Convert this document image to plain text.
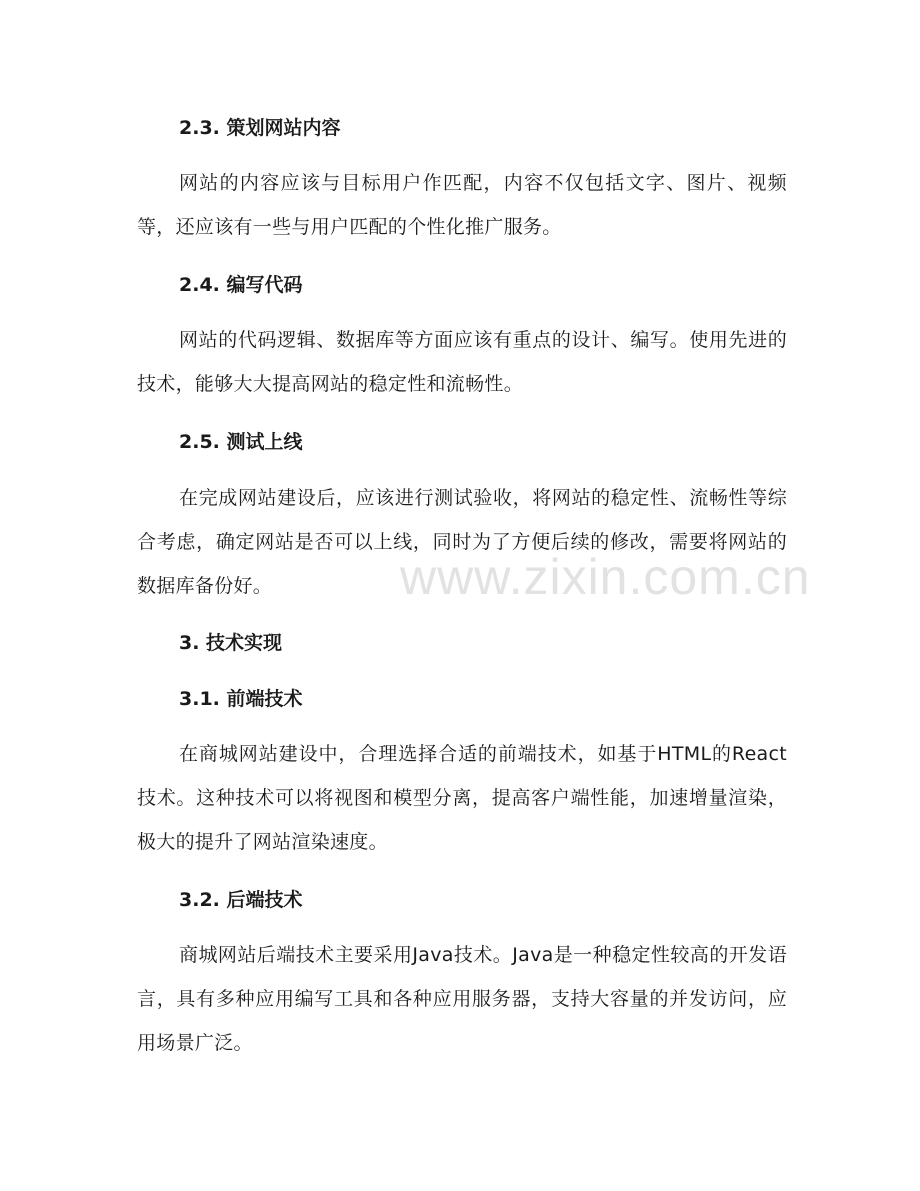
2.3. 策划网站内容

网站的内容应该与目标用户作匹配，内容不仅包括文字、图片、视频等，还应该有一些与用户匹配的个性化推广服务。

2.4. 编写代码

网站的代码逻辑、数据库等方面应该有重点的设计、编写。使用先进的技术，能够大大提高网站的稳定性和流畅性。

2.5. 测试上线

在完成网站建设后，应该进行测试验收，将网站的稳定性、流畅性等综合考虑，确定网站是否可以上线，同时为了方便后续的修改，需要将网站的数据库备份好。

3. 技术实现
3.1. 前端技术

在商城网站建设中，合理选择合适的前端技术，如基于HTML的React技术。这种技术可以将视图和模型分离，提高客户端性能，加速增量渲染，极大的提升了网站渲染速度。

3.2. 后端技术

商城网站后端技术主要采用Java技术。Java是一种稳定性较高的开发语言，具有多种应用编写工具和各种应用服务器，支持大容量的并发访问，应用场景广泛。

www.zixin.com.cn
